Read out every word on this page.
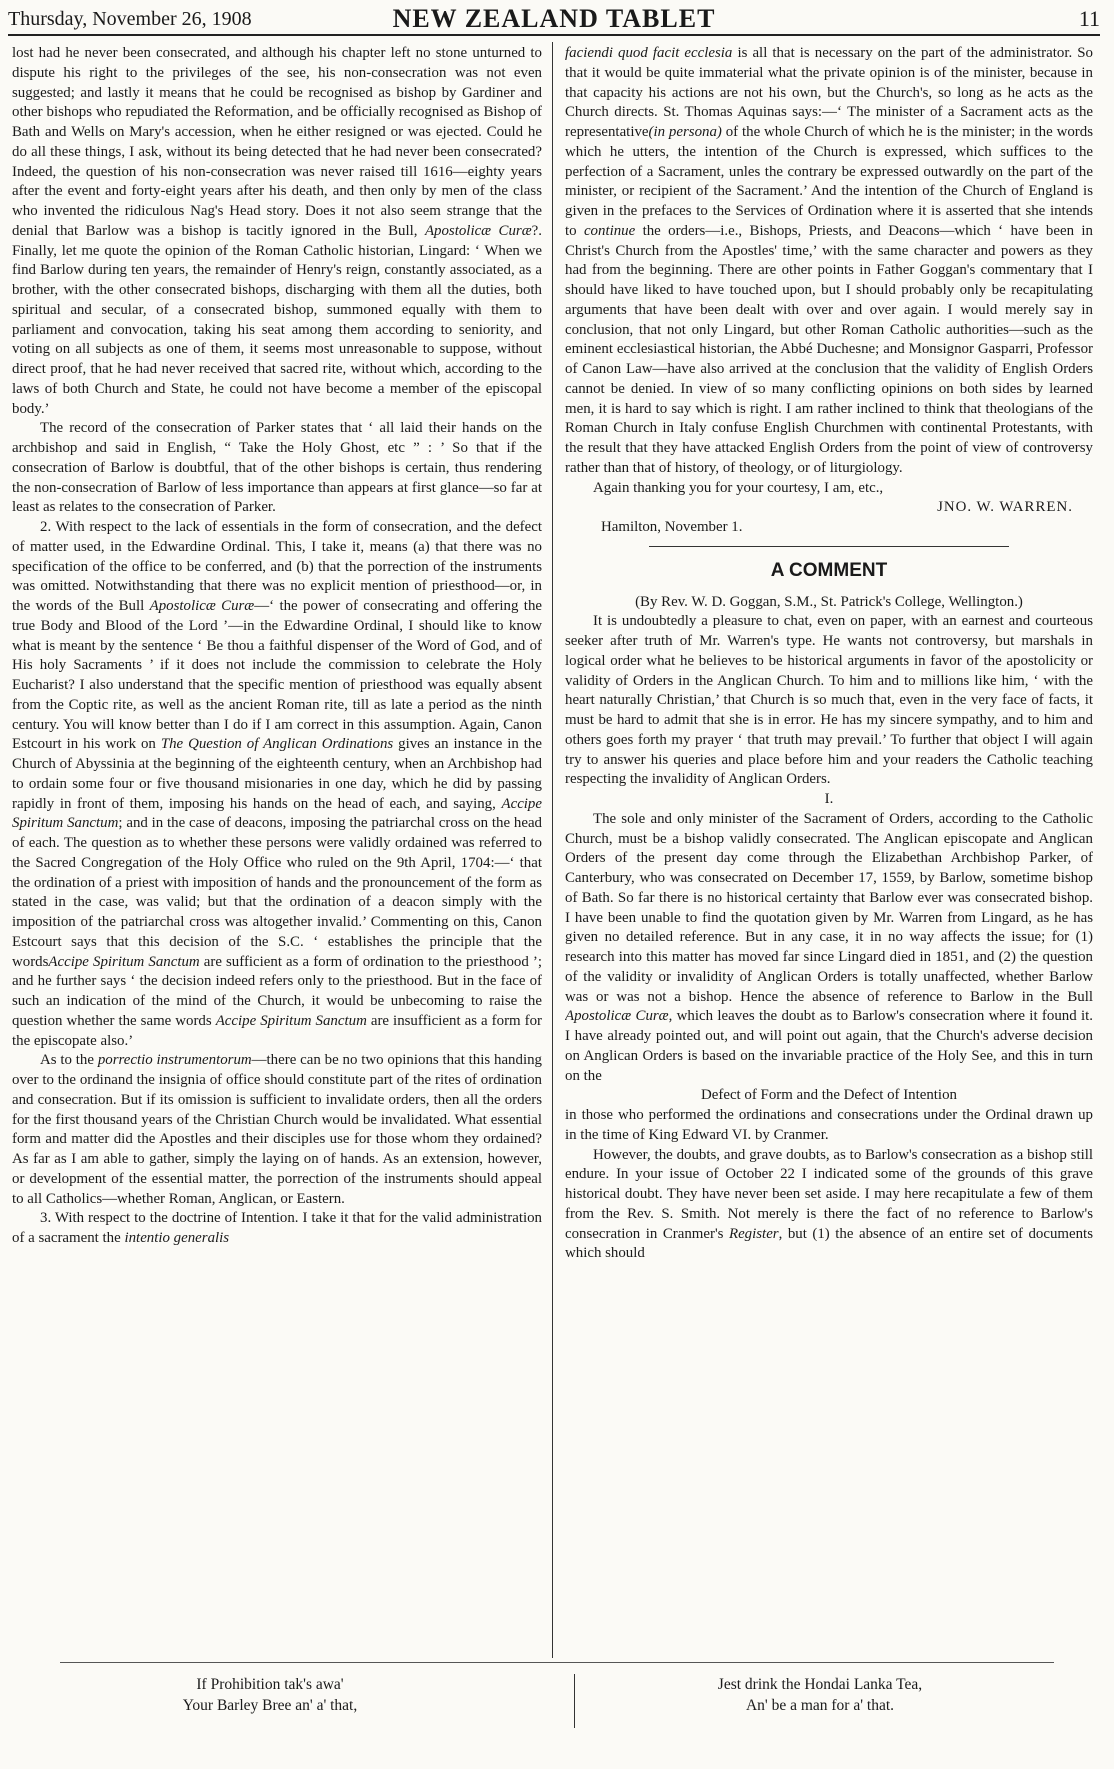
Thursday, November 26, 1908	NEW ZEALAND TABLET	11

lost had he never been consecrated, and although his chapter left no stone unturned to dispute his right to the privileges of the see, his non-consecration was not even suggested; and lastly it means that he could be recognised as bishop by Gardiner and other bishops who repudiated the Reformation, and be officially recognised as Bishop of Bath and Wells on Mary's accession, when he either resigned or was ejected. Could he do all these things, I ask, without its being detected that he had never been consecrated? Indeed, the question of his non-consecration was never raised till 1616—eighty years after the event and forty-eight years after his death, and then only by men of the class who invented the ridiculous Nag's Head story. Does it not also seem strange that the denial that Barlow was a bishop is tacitly ignored in the Bull, Apostolicæ Curæ?. Finally, let me quote the opinion of the Roman Catholic historian, Lingard: ‘ When we find Barlow during ten years, the remainder of Henry's reign, constantly associated, as a brother, with the other consecrated bishops, discharging with them all the duties, both spiritual and secular, of a consecrated bishop, summoned equally with them to parliament and convocation, taking his seat among them according to seniority, and voting on all subjects as one of them, it seems most unreasonable to suppose, without direct proof, that he had never received that sacred rite, without which, according to the laws of both Church and State, he could not have become a member of the episcopal body.’

The record of the consecration of Parker states that ‘ all laid their hands on the archbishop and said in English, “ Take the Holy Ghost, etc ” : ’ So that if the consecration of Barlow is doubtful, that of the other bishops is certain, thus rendering the non-consecration of Barlow of less importance than appears at first glance—so far at least as relates to the consecration of Parker.

2. With respect to the lack of essentials in the form of consecration, and the defect of matter used, in the Edwardine Ordinal. This, I take it, means (a) that there was no specification of the office to be conferred, and (b) that the porrection of the instruments was omitted. Notwithstanding that there was no explicit mention of priesthood—or, in the words of the Bull Apostolicæ Curæ—‘ the power of consecrating and offering the true Body and Blood of the Lord ’—in the Edwardine Ordinal, I should like to know what is meant by the sentence ‘ Be thou a faithful dispenser of the Word of God, and of His holy Sacraments ’ if it does not include the commission to celebrate the Holy Eucharist? I also understand that the specific mention of priesthood was equally absent from the Coptic rite, as well as the ancient Roman rite, till as late a period as the ninth century. You will know better than I do if I am correct in this assumption. Again, Canon Estcourt in his work on The Question of Anglican Ordinations gives an instance in the Church of Abyssinia at the beginning of the eighteenth century, when an Archbishop had to ordain some four or five thousand misionaries in one day, which he did by passing rapidly in front of them, imposing his hands on the head of each, and saying, Accipe Spiritum Sanctum; and in the case of deacons, imposing the patriarchal cross on the head of each. The question as to whether these persons were validly ordained was referred to the Sacred Congregation of the Holy Office who ruled on the 9th April, 1704:—‘ that the ordination of a priest with imposition of hands and the pronouncement of the form as stated in the case, was valid; but that the ordination of a deacon simply with the imposition of the patriarchal cross was altogether invalid.’ Commenting on this, Canon Estcourt says that this decision of the S.C. ‘ establishes the principle that the wordsAccipe Spiritum Sanctum are sufficient as a form of ordination to the priesthood ’; and he further says ‘ the decision indeed refers only to the priesthood. But in the face of such an indication of the mind of the Church, it would be unbecoming to raise the question whether the same words Accipe Spiritum Sanctum are insufficient as a form for the episcopate also.’

As to the porrectio instrumentorum—there can be no two opinions that this handing over to the ordinand the insignia of office should constitute part of the rites of ordination and consecration. But if its omission is sufficient to invalidate orders, then all the orders for the first thousand years of the Christian Church would be invalidated. What essential form and matter did the Apostles and their disciples use for those whom they ordained? As far as I am able to gather, simply the laying on of hands. As an extension, however, or development of the essential matter, the porrection of the instruments should appeal to all Catholics—whether Roman, Anglican, or Eastern.

3. With respect to the doctrine of Intention. I take it that for the valid administration of a sacrament the intentio generalis

faciendi quod facit ecclesia is all that is necessary on the part of the administrator. So that it would be quite immaterial what the private opinion is of the minister, because in that capacity his actions are not his own, but the Church's, so long as he acts as the Church directs. St. Thomas Aquinas says:—‘ The minister of a Sacrament acts as the representative(in persona) of the whole Church of which he is the minister; in the words which he utters, the intention of the Church is expressed, which suffices to the perfection of a Sacrament, unles the contrary be expressed outwardly on the part of the minister, or recipient of the Sacrament.’ And the intention of the Church of England is given in the prefaces to the Services of Ordination where it is asserted that she intends to continue the orders—i.e., Bishops, Priests, and Deacons—which ‘ have been in Christ's Church from the Apostles' time,’ with the same character and powers as they had from the beginning. There are other points in Father Goggan's commentary that I should have liked to have touched upon, but I should probably only be recapitulating arguments that have been dealt with over and over again. I would merely say in conclusion, that not only Lingard, but other Roman Catholic authorities—such as the eminent ecclesiastical historian, the Abbé Duchesne; and Monsignor Gasparri, Professor of Canon Law—have also arrived at the conclusion that the validity of English Orders cannot be denied. In view of so many conflicting opinions on both sides by learned men, it is hard to say which is right. I am rather inclined to think that theologians of the Roman Church in Italy confuse English Churchmen with continental Protestants, with the result that they have attacked English Orders from the point of view of controversy rather than that of history, of theology, or of liturgiology.

Again thanking you for your courtesy, I am, etc.,

JNO. W. WARREN.

Hamilton, November 1.

A COMMENT

(By Rev. W. D. Goggan, S.M., St. Patrick's College, Wellington.)

It is undoubtedly a pleasure to chat, even on paper, with an earnest and courteous seeker after truth of Mr. Warren's type. He wants not controversy, but marshals in logical order what he believes to be historical arguments in favor of the apostolicity or validity of Orders in the Anglican Church. To him and to millions like him, ‘ with the heart naturally Christian,’ that Church is so much that, even in the very face of facts, it must be hard to admit that she is in error. He has my sincere sympathy, and to him and others goes forth my prayer ‘ that truth may prevail.’ To further that object I will again try to answer his queries and place before him and your readers the Catholic teaching respecting the invalidity of Anglican Orders.

I.

The sole and only minister of the Sacrament of Orders, according to the Catholic Church, must be a bishop validly consecrated. The Anglican episcopate and Anglican Orders of the present day come through the Elizabethan Archbishop Parker, of Canterbury, who was consecrated on December 17, 1559, by Barlow, sometime bishop of Bath. So far there is no historical certainty that Barlow ever was consecrated bishop. I have been unable to find the quotation given by Mr. Warren from Lingard, as he has given no detailed reference. But in any case, it in no way affects the issue; for (1) research into this matter has moved far since Lingard died in 1851, and (2) the question of the validity or invalidity of Anglican Orders is totally unaffected, whether Barlow was or was not a bishop. Hence the absence of reference to Barlow in the Bull Apostolicæ Curæ, which leaves the doubt as to Barlow's consecration where it found it. I have already pointed out, and will point out again, that the Church's adverse decision on Anglican Orders is based on the invariable practice of the Holy See, and this in turn on the

Defect of Form and the Defect of Intention

in those who performed the ordinations and consecrations under the Ordinal drawn up in the time of King Edward VI. by Cranmer.

However, the doubts, and grave doubts, as to Barlow's consecration as a bishop still endure. In your issue of October 22 I indicated some of the grounds of this grave historical doubt. They have never been set aside. I may here recapitulate a few of them from the Rev. S. Smith. Not merely is there the fact of no reference to Barlow's consecration in Cranmer's Register, but (1) the absence of an entire set of documents which should

If Prohibition tak's awa'
Your Barley Bree an' a' that,
Jest drink the Hondai Lanka Tea,
An' be a man for a' that.
